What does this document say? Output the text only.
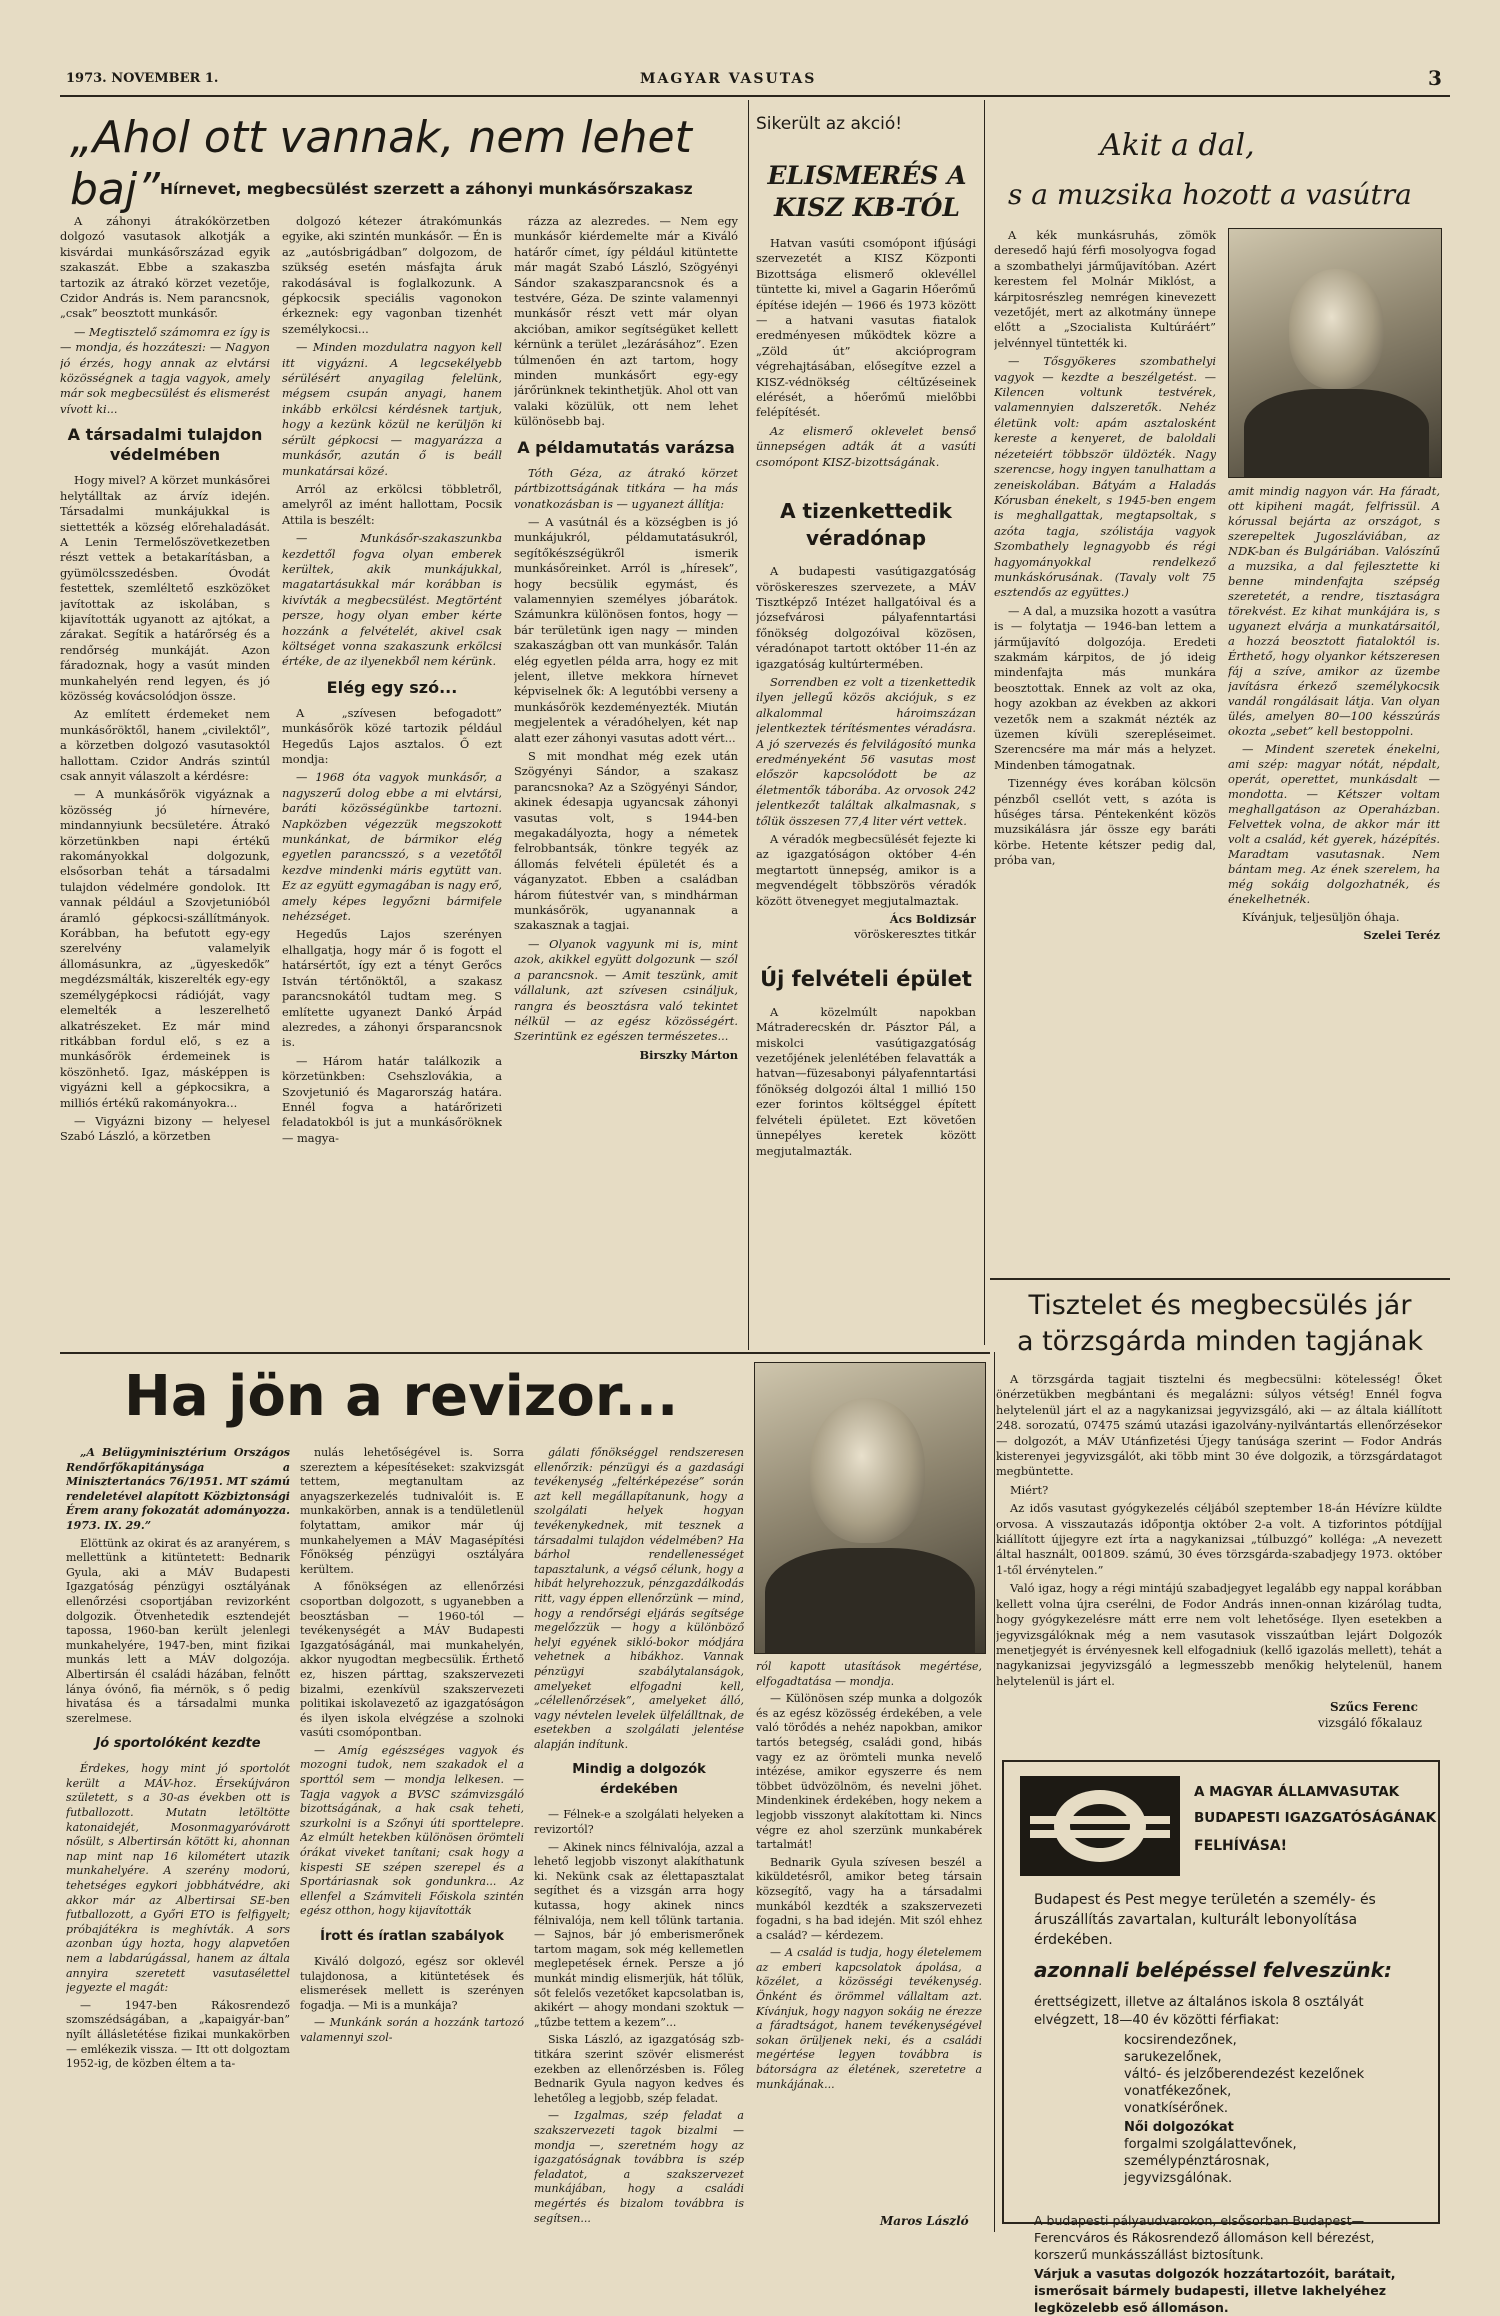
1973. NOVEMBER 1.	MAGYAR VASUTAS	3
„Ahol ott vannak, nem lehet baj” Hírnevet, megbecsülést szerzett a záhonyi munkásőrszakasz

A záhonyi átrakókörzetben dolgozó vasutasok alkotják a kisvárdai munkásőrszázad egyik szakaszát. Ebbe a szakaszba tartozik az átrakó körzet vezetője, Czidor András is. Nem parancsnok, „csak” beosztott munkásőr.

— Megtisztelő számomra ez így is — mondja, és hozzáteszi: — Nagyon jó érzés, hogy annak az elvtársi közösségnek a tagja vagyok, amely már sok megbecsülést és elismerést vívott ki...

A társadalmi tulajdon védelmében

Hogy mivel? A körzet munkásőrei helytálltak az árvíz idején. Társadalmi munkájukkal is siettették a község előrehaladását. A Lenin Termelőszövetkezetben részt vettek a betakarításban, a gyümölcsszedésben. Óvodát festettek, szemléltető eszközöket javítottak az iskolában, s kijavították ugyanott az ajtókat, a zárakat. Segítik a határőrség és a rendőrség munkáját. Azon fáradoznak, hogy a vasút minden munkahelyén rend legyen, és jó közösség kovácsolódjon össze.

Az említett érdemeket nem munkásőröktől, hanem „civilektől”, a körzetben dolgozó vasutasoktól hallottam. Czidor András szintúl csak annyit válaszolt a kérdésre:

— A munkásőrök vigyáznak a közösség jó hírnevére, mindannyiunk becsületére. Átrakó körzetünkben napi értékű rakományokkal dolgozunk, elsősorban tehát a társadalmi tulajdon védelmére gondolok. Itt vannak például a Szovjetunióból áramló gépkocsi-szállítmányok. Korábban, ha befutott egy-egy szerelvény valamelyik állomásunkra, az „ügyeskedők” megdézsmálták, kiszerelték egy-egy személygépkocsi rádióját, vagy elemelték a leszerelhető alkatrészeket. Ez már mind ritkábban fordul elő, s ez a munkásőrök érdemeinek is köszönhető. Igaz, másképpen is vigyázni kell a gépkocsikra, a milliós értékű rakományokra...

— Vigyázni bizony — helyesel Szabó László, a körzetben

dolgozó kétezer átrakómunkás egyike, aki szintén munkásőr. — Én is az „autósbrigádban” dolgozom, de szükség esetén másfajta áruk rakodásával is foglalkozunk. A gépkocsik speciális vagonokon érkeznek: egy vagonban tizenhét személykocsi...

— Minden mozdulatra nagyon kell itt vigyázni. A legcsekélyebb sérülésért anyagilag felelünk, mégsem csupán anyagi, hanem inkább erkölcsi kérdésnek tartjuk, hogy a kezünk közül ne kerüljön ki sérült gépkocsi — magyarázza a munkásőr, azután ő is beáll munkatársai közé.

Arról az erkölcsi többletről, amelyről az imént hallottam, Pocsik Attila is beszélt:

— Munkásőr-szakaszunkba kezdettől fogva olyan emberek kerültek, akik munkájukkal, magatartásukkal már korábban is kivívták a megbecsülést. Megtörtént persze, hogy olyan ember kérte hozzánk a felvételét, akivel csak költséget vonna szakaszunk erkölcsi értéke, de az ilyenekből nem kérünk.

Elég egy szó...

A „szívesen befogadott” munkásőrök közé tartozik például Hegedűs Lajos asztalos. Ő ezt mondja:

— 1968 óta vagyok munkásőr, a nagyszerű dolog ebbe a mi elvtársi, baráti közösségünkbe tartozni. Napközben végezzük megszokott munkánkat, de bármikor elég egyetlen parancsszó, s a vezetőtől kezdve mindenki máris egytütt van. Ez az együtt egymagában is nagy erő, amely képes legyőzni bármifele nehézséget.

Hegedűs Lajos szerényen elhallgatja, hogy már ő is fogott el határsértőt, így ezt a tényt Gerőcs István tértőnöktől, a szakasz parancsnokától tudtam meg. S említette ugyanezt Dankó Árpád alezredes, a záhonyi őrsparancsnok is.

— Három határ találkozik a körzetünkben: Csehszlovákia, a Szovjetunió és Magarország határa. Ennél fogva a határőrizeti feladatokból is jut a munkásőröknek — magya-

rázza az alezredes. — Nem egy munkásőr kiérdemelte már a Kiváló határőr címet, így például kitüntette már magát Szabó László, Szögyényi Sándor szakaszparancsnok és a testvére, Géza. De szinte valamennyi munkásőr részt vett már olyan akcióban, amikor segítségüket kellett kérnünk a terület „lezárásához”. Ezen túlmenően én azt tartom, hogy minden munkásőrt egy-egy járőrünknek tekinthetjük. Ahol ott van valaki közülük, ott nem lehet különösebb baj.

A példamutatás varázsa

Tóth Géza, az átrakó körzet pártbizottságának titkára — ha más vonatkozásban is — ugyanezt állítja:

— A vasútnál és a községben is jó munkájukról, példamutatásukról, segítőkészségükről ismerik munkásőreinket. Arról is „híresek”, hogy becsülik egymást, és valamennyien személyes jóbarátok. Számunkra különösen fontos, hogy — bár területünk igen nagy — minden szakaszágban ott van munkásőr. Talán elég egyetlen példa arra, hogy ez mit jelent, illetve mekkora hírnevet képviselnek ők: A legutóbbi verseny a munkásőrök kezdeményezték. Miután megjelentek a véradóhelyen, két nap alatt ezer záhonyi vasutas adott vért...

S mit mondhat még ezek után Szögyényi Sándor, a szakasz parancsnoka? Az a Szögyényi Sándor, akinek édesapja ugyancsak záhonyi vasutas volt, s 1944-ben megakadályozta, hogy a németek felrobbantsák, tönkre tegyék az állomás felvételi épületét és a váganyzatot. Ebben a családban három fiútestvér van, s mindhárman munkásőrök, ugyanannak a szakasznak a tagjai.

— Olyanok vagyunk mi is, mint azok, akikkel együtt dolgozunk — szól a parancsnok. — Amit teszünk, amit vállalunk, azt szívesen csináljuk, rangra és beosztásra való tekintet nélkül — az egész közösségért. Szerintünk ez egészen természetes...

Birszky Márton

Sikerült az akció!
ELISMERÉS A KISZ KB-TÓL

Hatvan vasúti csomópont ifjúsági szervezetét a KISZ Központi Bizottsága elismerő oklevéllel tüntette ki, mivel a Gagarin Hőerőmű építése idején — 1966 és 1973 között — a hatvani vasutas fiatalok eredményesen működtek közre a „Zöld út” akcióprogram végrehajtásában, elősegítve ezzel a KISZ-védnökség céltűzéseinek elérését, a hőerőmű mielőbbi felépítését.

Az elismerő oklevelet benső ünnepségen adták át a vasúti csomópont KISZ-bizottságának.

A tizenkettedik véradónap

A budapesti vasútigazgatóság vöröskereszes szervezete, a MÁV Tisztképző Intézet hallgatóival és a józsefvárosi pályafenntartási főnökség dolgozóival közösen, véradónapot tartott október 11-én az igazgatóság kultúrtermében.

Sorrendben ez volt a tizenkettedik ilyen jellegű közös akciójuk, s ez alkalommal hároimszázan jelentkeztek térítésmentes véradásra. A jó szervezés és felvilágosító munka eredményeként 56 vasutas most először kapcsolódott be az életmentők táborába. Az orvosok 242 jelentkezőt találtak alkalmasnak, s tőlük összesen 77,4 liter vért vettek.

A véradók megbecsülését fejezte ki az igazgatóságon október 4-én megtartott ünnepség, amikor is a megvendégelt többszörös véradók között ötvenegyet megjutalmaztak.

Ács Boldizsár

vöröskeresztes titkár

Új felvételi épület

A közelmúlt napokban Mátraderecskén dr. Pásztor Pál, a miskolci vasútigazgatóság vezetőjének jelenlétében felavatták a hatvan—füzesabonyi pályafenntartási főnökség dolgozói által 1 millió 150 ezer forintos költséggel épített felvételi épületet. Ezt követően ünnepélyes keretek között megjutalmazták.

Akit a dal,
s a muzsika hozott a vasútra

A kék munkásruhás, zömök deresedő hajú férfi mosolyogva fogad a szombathelyi járműjavítóban. Azért kerestem fel Molnár Miklóst, a kárpitosrészleg nemrégen kinevezett vezetőjét, mert az alkotmány ünnepe előtt a „Szocialista Kultúráért” jelvénnyel tüntették ki.

— Tősgyökeres szombathelyi vagyok — kezdte a beszélgetést. — Kilencen voltunk testvérek, valamennyien dalszeretők. Nehéz életünk volt: apám asztalosként kereste a kenyeret, de baloldali nézeteiért többször üldözték. Nagy szerencse, hogy ingyen tanulhattam a zeneiskolában. Bátyám a Haladás Kórusban énekelt, s 1945-ben engem is meghallgattak, megtapsoltak, s azóta tagja, szólistája vagyok Szombathely legnagyobb és régi hagyományokkal rendelkező munkáskórusának. (Tavaly volt 75 esztendős az együttes.)

— A dal, a muzsika hozott a vasútra is — folytatja — 1946-ban lettem a járműjavító dolgozója. Eredeti szakmám kárpitos, de jó ideig mindenfajta más munkára beosztottak. Ennek az volt az oka, hogy azokban az években az akkori vezetők nem a szakmát nézték az üzemen kívüli szerepléseimet. Szerencsére ma már más a helyzet. Mindenben támogatnak.

Tizennégy éves korában kölcsön pénzből csellót vett, s azóta is hűséges társa. Péntekenként közös muzsikálásra jár össze egy baráti körbe. Hetente kétszer pedig dal, próba van,

amit mindig nagyon vár. Ha fáradt, ott kipiheni magát, felfrissül. A kórussal bejárta az országot, s szerepeltek Jugoszláviában, az NDK-ban és Bulgáriában. Valószínű a muzsika, a dal fejlesztette ki benne mindenfajta szépség szeretetét, a rendre, tisztaságra törekvést. Ez kihat munkájára is, s ugyanezt elvárja a munkatársaitól, a hozzá beosztott fiataloktól is. Érthető, hogy olyankor kétszeresen fáj a szíve, amikor az üzembe javításra érkező személykocsik vandál rongálásait látja. Van olyan ülés, amelyen 80—100 késszúrás okozta „sebet” kell bestoppolni.

— Mindent szeretek énekelni, ami szép: magyar nótát, népdalt, operát, operettet, munkásdalt — mondotta. — Kétszer voltam meghallgatáson az Operaházban. Felvettek volna, de akkor már itt volt a család, két gyerek, házépítés. Maradtam vasutasnak. Nem bántam meg. Az ének szerelem, ha még sokáig dolgozhatnék, és énekelhetnék.

Kívánjuk, teljesüljön óhaja.

Szelei Teréz

Tisztelet és megbecsülés jár
a törzsgárda minden tagjának

A törzsgárda tagjait tisztelni és megbecsülni: kötelesség! Őket önérzetükben megbántani és megalázni: súlyos vétség! Ennél fogva helytelenül járt el az a nagykanizsai jegyvizsgáló, aki — az általa kiállított 248. sorozatú, 07475 számú utazási igazolvány-nyilvántartás ellenőrzésekor — dolgozót, a MÁV Utánfizetési Újegy tanúsága szerint — Fodor András kisterenyei jegyvizsgálót, aki több mint 30 éve dolgozik, a törzsgárdatagot megbüntette.

Miért?

Az idős vasutast gyógykezelés céljából szeptember 18-án Hévízre küldte orvosa. A visszautazás időpontja október 2-a volt. A tizforintos pótdíjjal kiállított újjegyre ezt írta a nagykanizsai „túlbuzgó” kolléga: „A nevezett által használt, 001809. számú, 30 éves törzsgárda-szabadjegy 1973. október 1-től érvénytelen.”

Való igaz, hogy a régi mintájú szabadjegyet legalább egy nappal korábban kellett volna újra cserélni, de Fodor András innen-onnan kizárólag tudta, hogy gyógykezelésre mátt erre nem volt lehetősége. Ilyen esetekben a jegyvizsgálóknak még a nem vasutasok visszaútban lejárt Dolgozók menetjegyét is érvényesnek kell elfogadniuk (kellő igazolás mellett), tehát a nagykanizsai jegyvizsgáló a legmesszebb menőkig helytelenül, hanem helytelenül is járt el.

Szűcs Ferenc
vizsgáló főkalauz
A MAGYAR ÁLLAMVASUTAK
BUDAPESTI IGAZGATÓSÁGÁNAK
FELHÍVÁSA!
Budapest és Pest megye területén a személy- és áruszállítás zavartalan, kulturált lebonyolítása érdekében.
azonnali belépéssel felveszünk:
érettségizett, illetve az általános iskola 8 osztályát elvégzett, 18—40 év közötti férfiakat:
kocsirendezőnek,
sarukezelőnek,
váltó- és jelzőberendezést kezelőnek
vonatfékezőnek,
vonatkísérőnek.
Női dolgozókat
forgalmi szolgálattevőnek,
személypénztárosnak,
jegyvizsgálónak.
A budapesti pályaudvarokon, elsősorban Budapest—Ferencváros és Rákosrendező állomáson kell bérezést, korszerű munkásszállást biztosítunk.
Várjuk a vasutas dolgozók hozzátartozóit, barátait, ismerősait bármely budapesti, illetve lakhelyéhez legközelebb eső állomáson.
Ha jön a revizor...

„A Belügyminisztérium Országos Rendőrfőkapitánysága a Minisztertanács 76/1951. MT számú rendeletével alapított Közbiztonsági Érem arany fokozatát adományozza. 1973. IX. 29.”

Elöttünk az okirat és az aranyérem, s mellettünk a kitüntetett: Bednarik Gyula, aki a MÁV Budapesti Igazgatóság pénzügyi osztályának ellenőrzési csoportjában revizorként dolgozik. Ötvenhetedik esztendejét tapossa, 1960-ban került jelenlegi munkahelyére, 1947-ben, mint fizikai munkás lett a MÁV dolgozója. Albertirsán él családi házában, felnőtt lánya óvónő, fia mérnök, s ő pedig hivatása és a társadalmi munka szerelmese.

Jó sportolóként kezdte

Érdekes, hogy mint jó sportolót került a MÁV-hoz. Érsekújváron született, s a 30-as években ott is futballozott. Mutatn letöltötte katonaidejét, Mosonmagyaróvárott nősült, s Albertirsán kötött ki, ahonnan nap mint nap 16 kilométert utazik munkahelyére. A szerény modorú, tehetséges egykori jobbhátvédre, aki akkor már az Albertirsai SE-ben futballozott, a Győri ETO is felfigyelt; próbajátékra is meghívták. A sors azonban úgy hozta, hogy alapvetően nem a labdarúgással, hanem az általa annyira szeretett vasutasélettel jegyezte el magát:

— 1947-ben Rákosrendező szomszédságában, a „kapaigyár-ban” nyílt állásletétése fizikai munkakörben — emlékezik vissza. — Itt ott dolgoztam 1952-ig, de közben éltem a ta-

nulás lehetőségével is. Sorra szereztem a képesítéseket: szakvizsgát tettem, megtanultam az anyagszerkezelés tudnivalóit is. E munkakörben, annak is a tendületlenül folytattam, amikor már új munkahelyemen a MÁV Magasépítési Főnökség pénzügyi osztályára kerültem.

A főnökségen az ellenőrzési csoportban dolgozott, s ugyanebben a beosztásban — 1960-tól — tevékenységét a MÁV Budapesti Igazgatóságánál, mai munkahelyén, akkor nyugodtan megbecsülik. Érthető ez, hiszen párttag, szakszervezeti bizalmi, ezenkívül szakszervezeti politikai iskolavezető az igazgatóságon és ilyen iskola elvégzése a szolnoki vasúti csomópontban.

— Amíg egészséges vagyok és mozogni tudok, nem szakadok el a sporttól sem — mondja lelkesen. — Tagja vagyok a BVSC számvizsgáló bizottságának, a hak csak teheti, szurkolni is a Szőnyi úti sporttelepre. Az elmúlt hetekben különösen örömteli órákat viveket tanítani; csak hogy a kispesti SE szépen szerepel és a Sportáriasnak sok gondunkra... Az ellenfel a Számviteli Főiskola szintén egész otthon, hogy kijavították

Írott és íratlan szabályok

Kiváló dolgozó, egész sor oklevél tulajdonosa, a kitüntetések és elismerések mellett is szerényen fogadja. — Mi is a munkája?

— Munkánk során a hozzánk tartozó valamennyi szol-

gálati főnökséggel rendszeresen ellenőrzik: pénzügyi és a gazdasági tevékenység „feltérképezése” során azt kell megállapítanunk, hogy a szolgálati helyek hogyan tevékenykednek, mit tesznek a társadalmi tulajdon védelmében? Ha bárhol rendellenességet tapasztalunk, a végső célunk, hogy a hibát helyrehozzuk, pénzgazdálkodás ritt, vagy éppen ellenőrzünk — mind, hogy a rendőrségi eljárás segítsége megelőzzük — hogy a különböző helyi egyének sikló-bokor módjára vehetnek a hibákhoz. Vannak pénzügyi szabálytalanságok, amelyeket elfogadni kell, „célellenőrzések”, amelyeket álló, vagy névtelen levelek ülfelálltnak, de esetekben a szolgálati jelentése alapján indítunk.

Mindig a dolgozók érdekében

— Félnek-e a szolgálati helyeken a revizortól?

— Akinek nincs félnivalója, azzal a lehető legjobb viszonyt alakíthatunk ki. Nekünk csak az élettapasztalat segíthet és a vizsgán arra hogy kutassa, hogy akinek nincs félnivalója, nem kell tőlünk tartania. — Sajnos, bár jó emberismerőnek tartom magam, sok még kellemetlen meglepetések érnek. Persze a jó munkát mindig elismerjük, hát tőlük, sőt felelős vezetőket kapcsolatban is, akikért — ahogy mondani szoktuk — „tűzbe tettem a kezem”...

Siska László, az igazgatóság szb-titkára szerint szövér elismerést ezekben az ellenőrzésben is. Főleg Bednarik Gyula nagyon kedves és lehetőleg a legjobb, szép feladat.

— Izgalmas, szép feladat a szakszervezeti tagok bizalmi — mondja —, szeretném hogy az igazgatóságnak továbbra is szép feladatot, a szakszervezet munkájában, hogy a családi megértés és bizalom továbbra is segítsen...

ról kapott utasítások megértése, elfogadtatása — mondja.

— Különösen szép munka a dolgozók és az egész közösség érdekében, a vele való törődés a nehéz napokban, amikor tartós betegség, családi gond, hibás vagy ez az örömteli munka nevelő intézése, amikor egyszerre és nem többet üdvözölnöm, és nevelni jöhet. Mindenkinek érdekében, hogy nekem a legjobb visszonyt alakítottam ki. Nincs végre ez ahol szerzünk munkabérek tartalmát!

Bednarik Gyula szívesen beszél a kiküldetésről, amikor beteg társain közsegítő, vagy ha a társadalmi munkából kezdték a szakszervezeti fogadni, s ha bad idején. Mit szól ehhez a család? — kérdezem.

— A család is tudja, hogy életelemem az emberi kapcsolatok ápolása, a közélet, a közösségi tevékenység. Önként és örömmel vállaltam azt. Kívánjuk, hogy nagyon sokáig ne érezze a fáradtságot, hanem tevékenységével sokan örüljenek neki, és a családi megértése legyen továbbra is bátorságra az életének, szeretetre a munkájának...

Maros László
